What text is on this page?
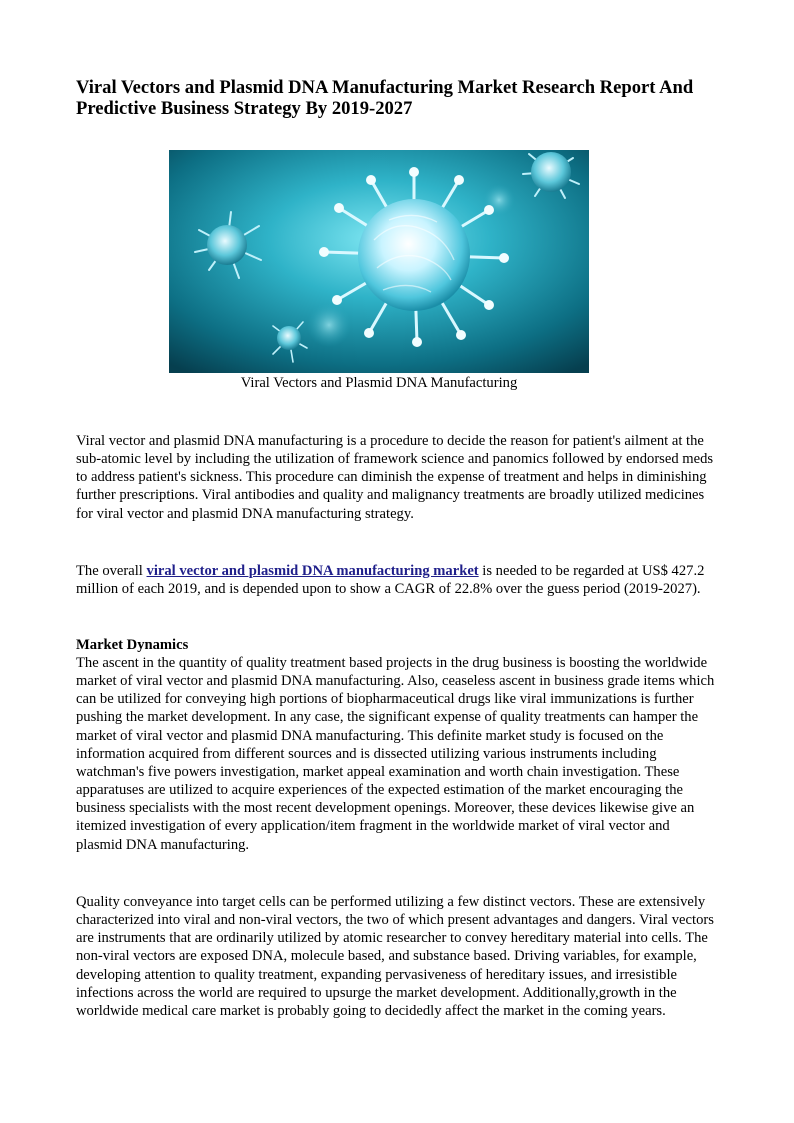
Viral Vectors and Plasmid DNA Manufacturing Market Research Report And Predictive Business Strategy By 2019-2027
Viral Vectors and Plasmid DNA Manufacturing

Viral vector and plasmid DNA manufacturing is a procedure to decide the reason for patient's ailment at the sub-atomic level by including the utilization of framework science and panomics followed by endorsed meds to address patient's sickness. This procedure can diminish the expense of treatment and helps in diminishing further prescriptions. Viral antibodies and quality and malignancy treatments are broadly utilized medicines for viral vector and plasmid DNA manufacturing strategy.

The overall viral vector and plasmid DNA manufacturing market is needed to be regarded at US$ 427.2 million of each 2019, and is depended upon to show a CAGR of 22.8% over the guess period (2019-2027).

Market Dynamics

The ascent in the quantity of quality treatment based projects in the drug business is boosting the worldwide market of viral vector and plasmid DNA manufacturing. Also, ceaseless ascent in business grade items which can be utilized for conveying high portions of biopharmaceutical drugs like viral immunizations is further pushing the market development. In any case, the significant expense of quality treatments can hamper the market of viral vector and plasmid DNA manufacturing. This definite market study is focused on the information acquired from different sources and is dissected utilizing various instruments including watchman's five powers investigation, market appeal examination and worth chain investigation. These apparatuses are utilized to acquire experiences of the expected estimation of the market encouraging the business specialists with the most recent development openings. Moreover, these devices likewise give an itemized investigation of every application/item fragment in the worldwide market of viral vector and plasmid DNA manufacturing.

Quality conveyance into target cells can be performed utilizing a few distinct vectors. These are extensively characterized into viral and non-viral vectors, the two of which present advantages and dangers. Viral vectors are instruments that are ordinarily utilized by atomic researcher to convey hereditary material into cells. The non-viral vectors are exposed DNA, molecule based, and substance based. Driving variables, for example, developing attention to quality treatment, expanding pervasiveness of hereditary issues, and irresistible infections across the world are required to upsurge the market development. Additionally,growth in the worldwide medical care market is probably going to decidedly affect the market in the coming years.
